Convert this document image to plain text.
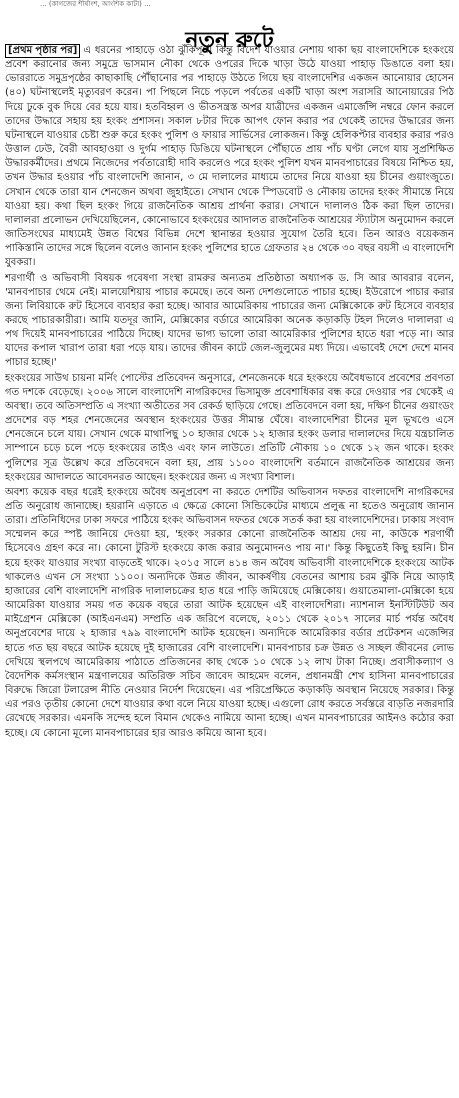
... (কাগজের শীর্ষাংশ, আংশিক কাটা) ...
নতুন রুটে

[প্রথম পৃষ্ঠার পর] এ ধরনের পাহাড়ে ওঠা ঝুঁকিপূর্ণ। কিন্তু বিদেশ যাওয়ার নেশায় থাকা ছয় বাংলাদেশিকে হংকংয়ে প্রবেশ করানোর জন্য সমুদ্রে ভাসমান নৌকা থেকে ওপরের দিকে খাড়া উঠে যাওয়া পাহাড় ডিঙাতে বলা হয়। ভোররাতে সমুদ্রপৃষ্ঠের কাছাকাছি পৌঁছানোর পর পাহাড়ে উঠতে গিয়ে ছয় বাংলাদেশির একজন আনোয়ার হোসেন (৪০) ঘটনাস্থলেই মৃত্যুবরণ করেন। পা পিছলে নিচে পড়লে পর্বতের একটি খাড়া অংশ সরাসরি আনোয়ারের পিঠ দিয়ে ঢুকে বুক দিয়ে বের হয়ে যায়। হতবিহ্বল ও ভীতসন্ত্রস্ত অপর যাত্রীদের একজন এমার্জেন্সি নম্বরে ফোন করলে তাদের উদ্ধারে সহায় হয় হংকং প্রশাসন। সকাল ৮টার দিকে আপৎ ফোন করার পর থেকেই তাদের উদ্ধারের জন্য ঘটনাস্থলে যাওয়ার চেষ্টা শুরু করে হংকং পুলিশ ও ফায়ার সার্ভিসের লোকজন। কিন্তু হেলিকপ্টার ব্যবহার করার পরও উত্তাল ঢেউ, বৈরী আবহাওয়া ও দুর্গম পাহাড় ডিঙিয়ে ঘটনাস্থলে পৌঁছাতে প্রায় পাঁচ ঘণ্টা লেগে যায় সুপ্রশিক্ষিত উদ্ধারকর্মীদের। প্রথমে নিজেদের পর্বতারোহী দাবি করলেও পরে হংকং পুলিশ যখন মানবপাচারের বিষয়ে নিশ্চিত হয়, তখন উদ্ধার হওয়ার পাঁচ বাংলাদেশি জানান, ৩ মে দালালের মাধ্যমে তাদের নিয়ে যাওয়া হয় চীনের গুয়াংজুতে। সেখান থেকে তারা যান শেনজেন অথবা জুহাইতে। সেখান থেকে স্পিডবোট ও নৌকায় তাদের হংকং সীমান্তে নিয়ে যাওয়া হয়। কথা ছিল হংকং গিয়ে রাজনৈতিক আশ্রয় প্রার্থনা করার। সেখানে দালালও ঠিক করা ছিল তাদের। দালালরা প্রলোভন দেখিয়েছিলেন, কোনোভাবে হংকংয়ের আদালত রাজনৈতিক আশ্রয়ের স্ট্যাটাস অনুমোদন করলে জাতিসংঘের মাধ্যমেই উন্নত বিশ্বের বিভিন্ন দেশে স্থানান্তর হওয়ার সুযোগ তৈরি হবে। তিন আরও বয়েকজন পাকিস্তানি তাদের সঙ্গে ছিলেন বলেও জানান হংকং পুলিশের হাতে গ্রেফতার ২৪ থেকে ৩০ বছর বয়সী এ বাংলাদেশি যুবকরা।

শরণার্থী ও অভিবাসী বিষয়ক গবেষণা সংস্থা রামরুর অন্যতম প্রতিষ্ঠাতা অধ্যাপক ড. সি আর আবরার বলেন, 'মানবপাচার থেমে নেই। মালয়েশিয়ায় পাচার কমেছে। তবে অন্য দেশগুলোতে পাচার হচ্ছে। ইউরোপে পাচার করার জন্য লিবিয়াকে রুট হিসেবে ব্যবহার করা হচ্ছে। আবার আমেরিকায় পাচারের জন্য মেক্সিকোকে রুট হিসেবে ব্যবহার করছে পাচারকারীরা। আমি যতদূর জানি, মেক্সিকোর বর্ডারে আমেরিকা অনেক কড়াকড়ি টহল দিলেও দালালরা এ পথ দিয়েই মানবপাচারের পাঠিয়ে দিচ্ছে। যাদের ভাগ্য ভালো তারা আমেরিকার পুলিশের হাতে ধরা পড়ে না। আর যাদের কপাল খারাপ তারা ধরা পড়ে যায়। তাদের জীবন কাটে জেল-জুলুমের মধ্য দিয়ে। এভাবেই দেশে দেশে মানব পাচার হচ্ছে।'

হংকংয়ের সাউথ চায়না মর্নিং পোস্টের প্রতিবেদন অনুসারে, শেনজেনকে ধরে হংকংয়ে অবৈধভাবে প্রবেশের প্রবণতা গত দশকে বেড়েছে। ২০০৬ সালে বাংলাদেশি নাগরিকদের ভিসামুক্ত প্রবেশাধিকার বন্ধ করে দেওয়ার পর থেকেই এ অবস্থা। তবে অতিসম্প্রতি এ সংখ্যা অতীতের সব রেকর্ড ছাড়িয়ে গেছে। প্রতিবেদনে বলা হয়, দক্ষিণ চীনের গুয়াংডং প্রদেশের বড় শহর শেনজেনের অবস্থান হংকংয়ের উত্তর সীমান্ত ঘেঁষে। বাংলাদেশিরা চীনের মূল ভূখণ্ডে এসে শেনজেনে চলে যায়। সেখান থেকে মাথাপিছু ১০ হাজার থেকে ১২ হাজার হংকং ডলার দালালদের দিয়ে যন্ত্রচালিত সাম্পানে চড়ে চলে পড়ে হংকংয়ের তাইও এবং ফান লাউতে। প্রতিটি নৌকায় ১০ থেকে ১২ জন থাকে। হংকং পুলিশের সূত্র উল্লেখ করে প্রতিবেদনে বলা হয়, প্রায় ১১০০ বাংলাদেশি বর্তমানে রাজনৈতিক আশ্রয়ের জন্য হংকংয়ের আদালতে আবেদনরত আছেন। হংকংয়ের জন্য এ সংখ্যা বিশাল।

অবশ্য কয়েক বছর ধরেই হংকংয়ে অবৈধ অনুপ্রবেশ না করতে দেশটির অভিবাসন দফতর বাংলাদেশি নাগরিকদের প্রতি অনুরোধ জানাচ্ছে। হয়রানি এড়াতে এ ক্ষেত্রে কোনো সিন্ডিকেটের মাধ্যমে প্রলুব্ধ না হতেও অনুরোধ জানান তারা। প্রতিনিধিদের ঢাকা সফরে পাঠিয়ে হংকং অভিবাসন দফতর থেকে সতর্ক করা হয় বাংলাদেশিদের। ঢাকায় সংবাদ সম্মেলন করে স্পষ্ট জানিয়ে দেওয়া হয়, 'হংকং সরকার কোনো রাজনৈতিক আশ্রয় দেয় না, কাউকে শরণার্থী হিসেবেও গ্রহণ করে না। কোনো টুরিস্ট হংকংয়ে কাজ করার অনুমোদনও পায় না।' কিন্তু কিছুতেই কিছু হয়নি। চীন হয়ে হংকং যাওয়ার সংখ্যা বাড়তেই থাকে। ২০১৫ সালে ৪১৪ জন অবৈধ অভিবাসী বাংলাদেশিকে হংকংয়ে আটক থাকলেও এখন সে সংখ্যা ১১০০। অন্যদিকে উন্নত জীবন, আকর্ষণীয় বেতনের আশায় চরম ঝুঁকি নিয়ে আড়াই হাজারের বেশি বাংলাদেশি নাগরিক দালালচক্রের হাত ধরে পাড়ি জমিয়েছে মেক্সিকোয়। গুয়াতেমালা-মেক্সিকো হয়ে আমেরিকা যাওয়ার সময় গত কয়েক বছরে তারা আটক হয়েছেন এই বাংলাদেশিরা। ন্যাশনাল ইনস্টিটিউট অব মাইগ্রেশন মেক্সিকো (আইএনএম) সম্প্রতি এক জরিপে বলেছে, ২০১১ থেকে ২০১৭ সালের মার্চ পর্যন্ত অবৈধ অনুপ্রবেশের দায়ে ২ হাজার ৭৯৯ বাংলাদেশি আটক হয়েছেন। অন্যদিকে আমেরিকার বর্ডার প্রটেকশন এজেন্সির হাতে গত ছয় বছরে আটক হয়েছে দুই হাজারের বেশি বাংলাদেশি। মানবপাচার চক্র উন্নত ও সচ্ছল জীবনের লোভ দেখিয়ে স্থলপথে আমেরিকায় পাঠাতে প্রতিজনের কাছ থেকে ১০ থেকে ১২ লাখ টাকা নিচ্ছে। প্রবাসীকল্যাণ ও বৈদেশিক কর্মসংস্থান মন্ত্রণালয়ের অতিরিক্ত সচিব জাবেদ আহমেদ বলেন, প্রধানমন্ত্রী শেখ হাসিনা মানবপাচারের বিরুদ্ধে জিরো টলারেন্স নীতি নেওয়ার নির্দেশ দিয়েছেন। এর পরিপ্রেক্ষিতে কড়াকড়ি অবস্থান নিয়েছে সরকার। কিন্তু এর পরও তৃতীয় কোনো দেশে যাওয়ার কথা বলে নিয়ে যাওয়া হচ্ছে। এগুলো রোধ করতে সর্বস্তরে বাড়তি নজরদারি রেখেছে সরকার। এমনকি সন্দেহ হলে বিমান থেকেও নামিয়ে আনা হচ্ছে। এখন মানবপাচারের আইনও কঠোর করা হচ্ছে। যে কোনো মূল্যে মানবপাচারের হার আরও কমিয়ে আনা হবে।
